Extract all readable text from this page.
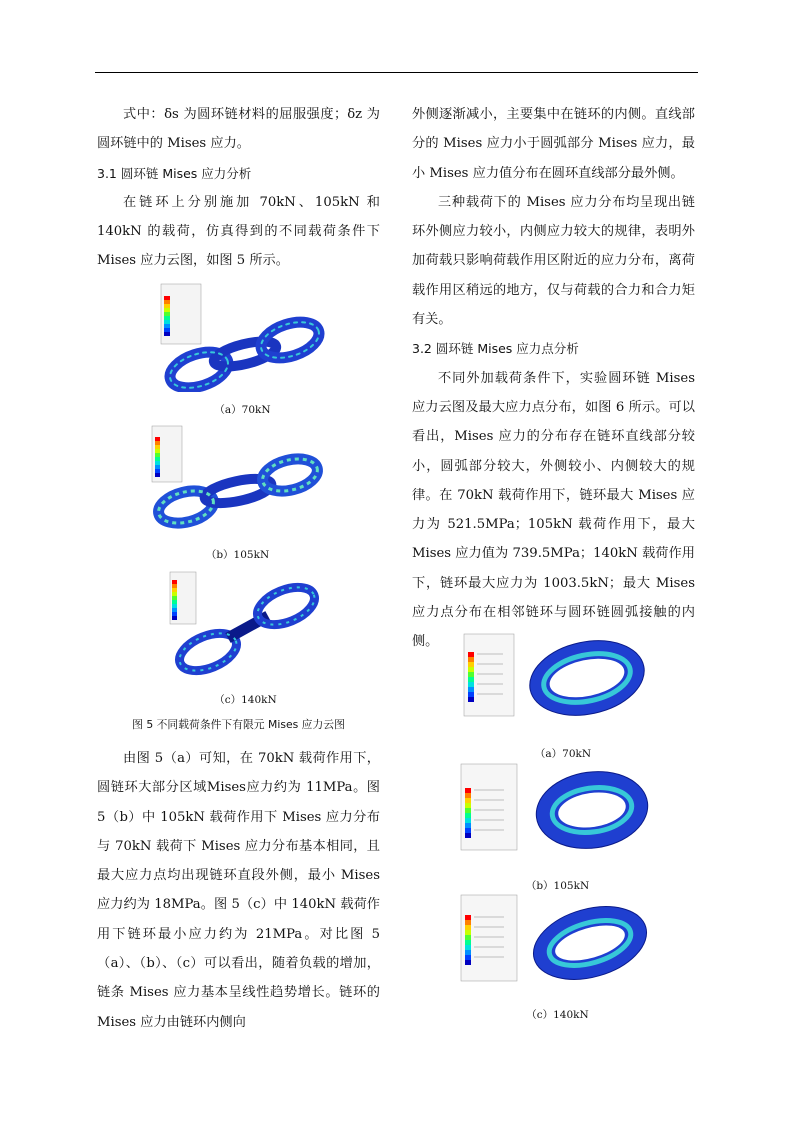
式中：δs 为圆环链材料的屈服强度；δz 为圆环链中的 Mises 应力。

3.1 圆环链 Mises 应力分析

在链环上分别施加 70kN、105kN 和 140kN 的载荷，仿真得到的不同载荷条件下 Mises 应力云图，如图 5 所示。

（a）70kN
（b）105kN
（c）140kN
图 5 不同载荷条件下有限元 Mises 应力云图

由图 5（a）可知，在 70kN 载荷作用下，圆链环大部分区域Mises应力约为 11MPa。图 5（b）中 105kN 载荷作用下 Mises 应力分布与 70kN 载荷下 Mises 应力分布基本相同，且最大应力点均出现链环直段外侧，最小 Mises 应力约为 18MPa。图 5（c）中 140kN 载荷作用下链环最小应力约为 21MPa。对比图 5（a）、（b）、（c）可以看出，随着负载的增加，链条 Mises 应力基本呈线性趋势增长。链环的 Mises 应力由链环内侧向

外侧逐渐减小，主要集中在链环的内侧。直线部分的 Mises 应力小于圆弧部分 Mises 应力，最小 Mises 应力值分布在圆环直线部分最外侧。

三种载荷下的 Mises 应力分布均呈现出链环外侧应力较小，内侧应力较大的规律，表明外加荷载只影响荷载作用区附近的应力分布，离荷载作用区稍远的地方，仅与荷载的合力和合力矩有关。

3.2 圆环链 Mises 应力点分析

不同外加载荷条件下，实验圆环链 Mises 应力云图及最大应力点分布，如图 6 所示。可以看出，Mises 应力的分布存在链环直线部分较小，圆弧部分较大，外侧较小、内侧较大的规律。在 70kN 载荷作用下，链环最大 Mises 应力为 521.5MPa；105kN 载荷作用下，最大 Mises 应力值为 739.5MPa；140kN 载荷作用下，链环最大应力为 1003.5kN；最大 Mises 应力点分布在相邻链环与圆环链圆弧接触的内侧。

（a）70kN
（b）105kN
（c）140kN
